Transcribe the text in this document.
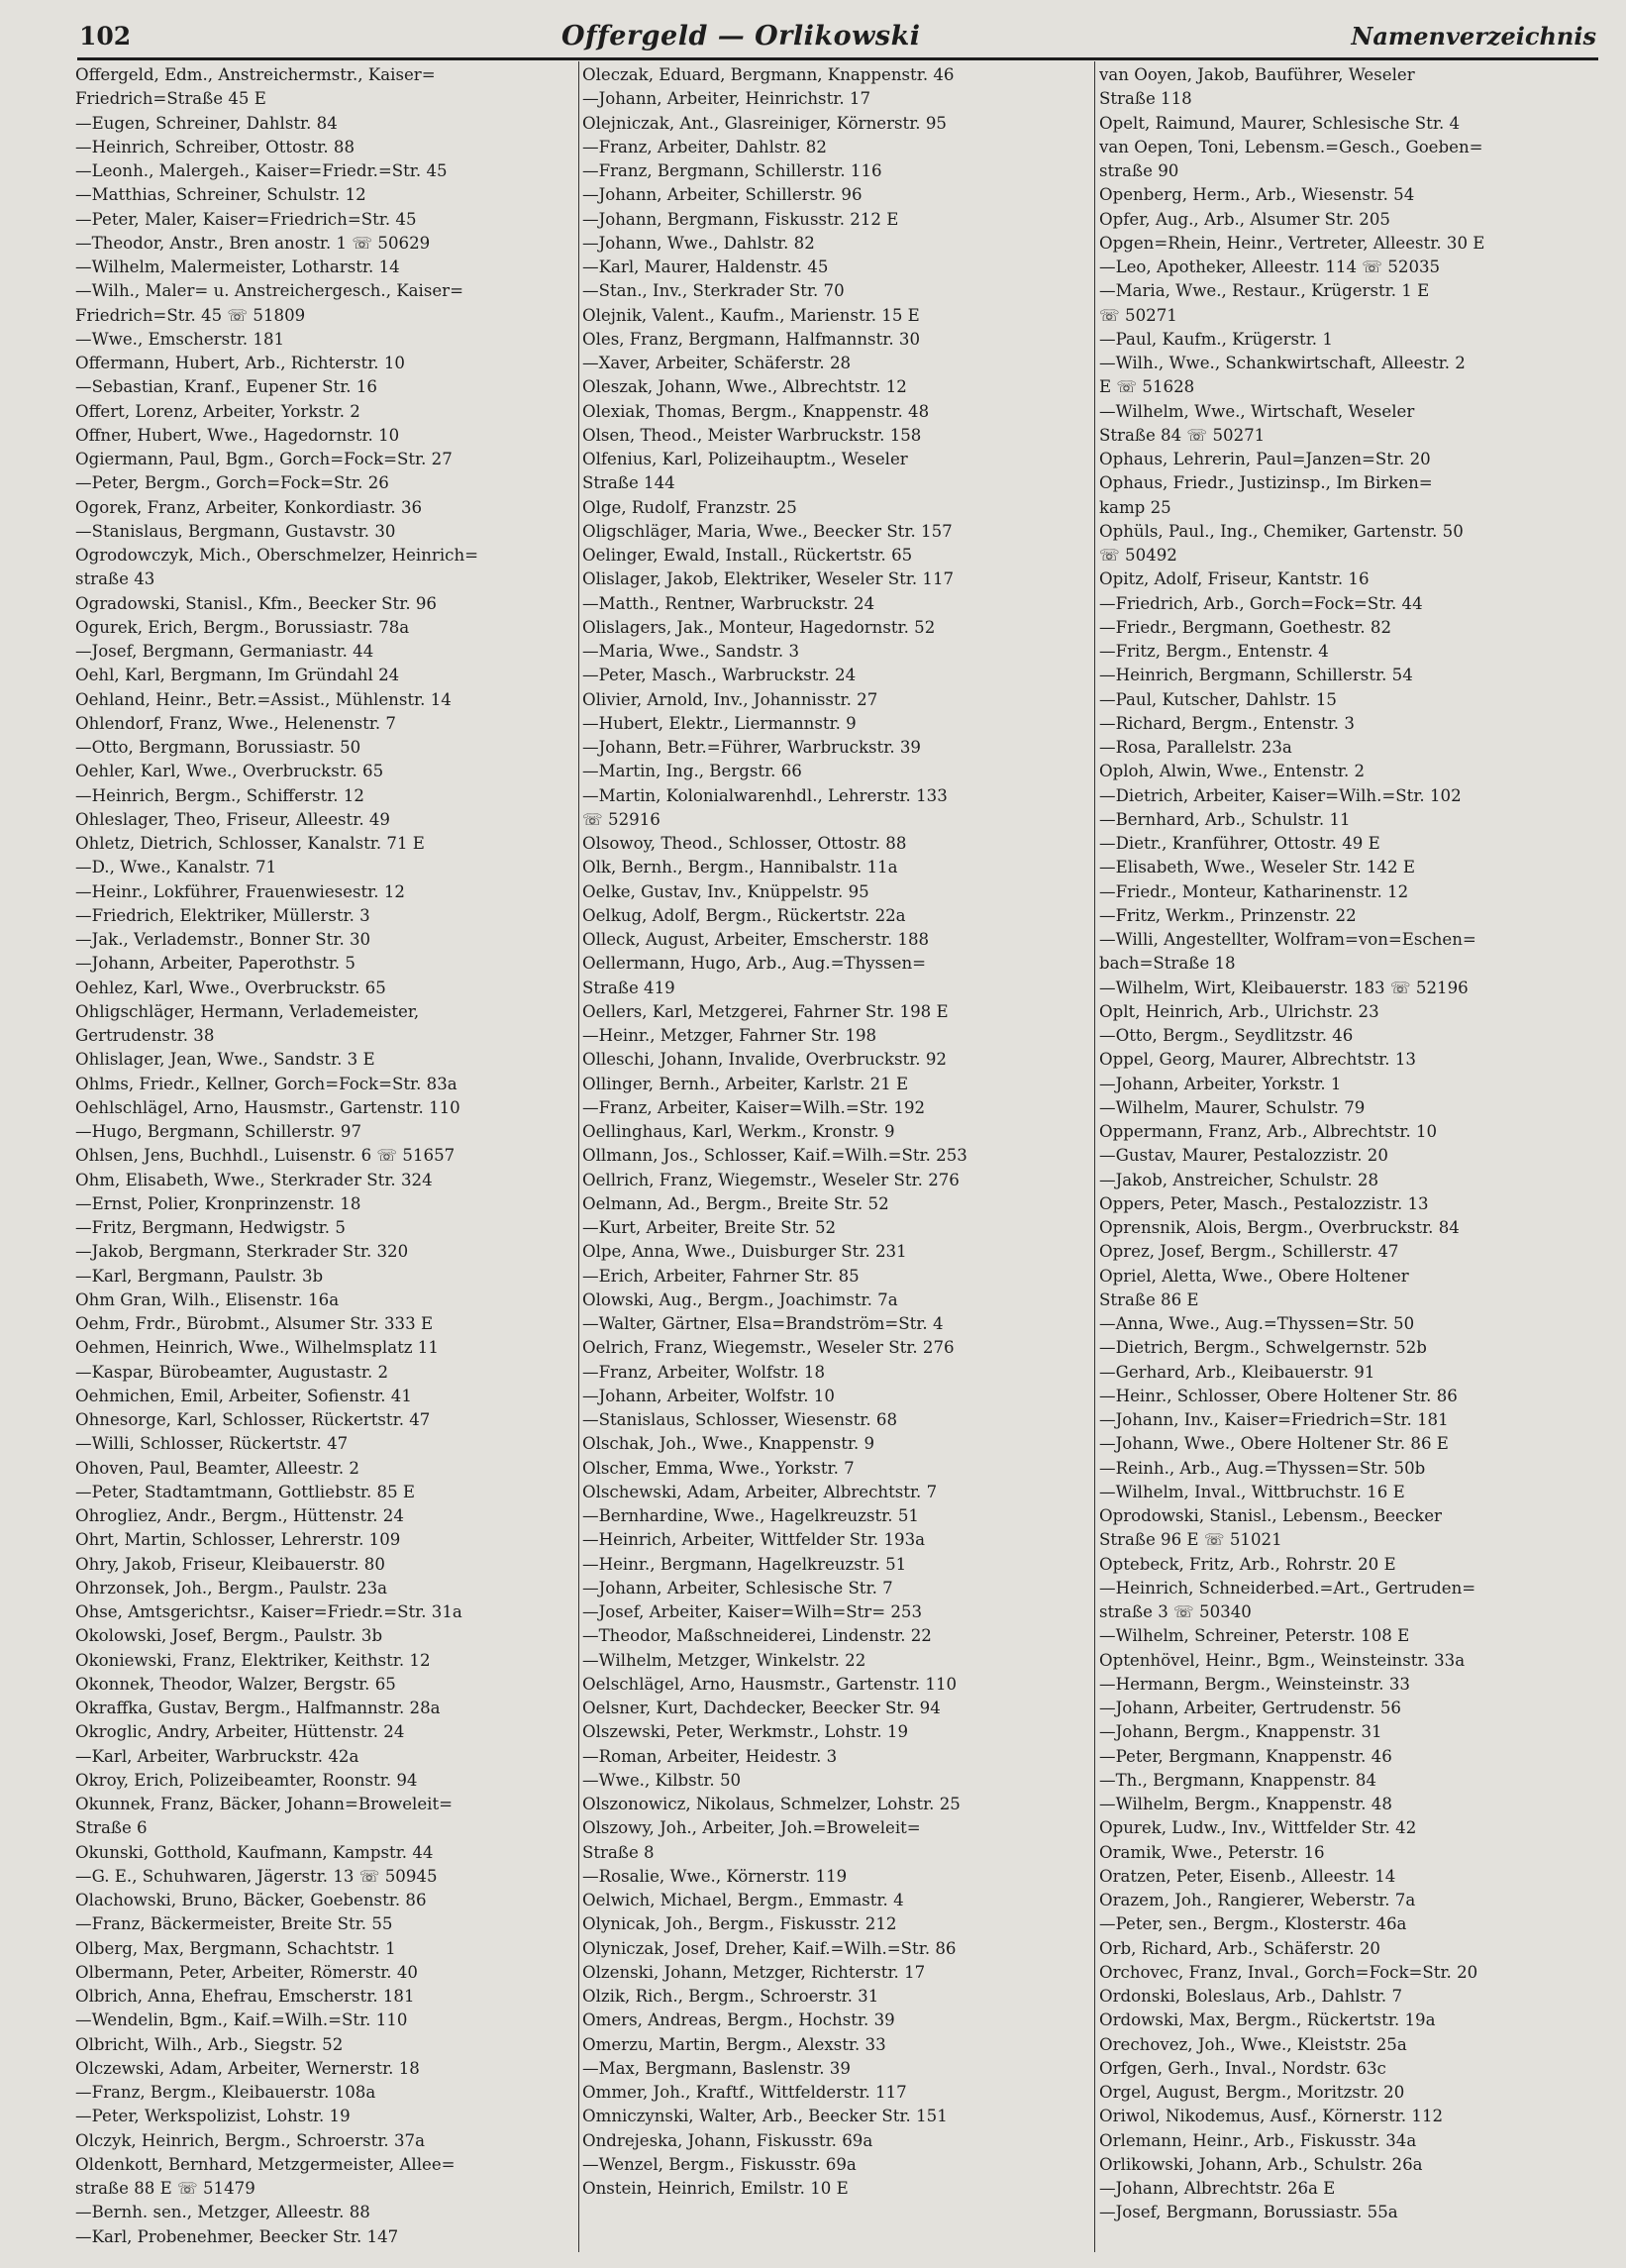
102	Offergeld — Orlikowski	Namenverzeichnis
Offergeld, Edm., Anstreichermstr., Kaiser=
Friedrich=Straße 45 E
—Eugen, Schreiner, Dahlstr. 84
—Heinrich, Schreiber, Ottostr. 88
—Leonh., Malergeh., Kaiser=Friedr.=Str. 45
—Matthias, Schreiner, Schulstr. 12
—Peter, Maler, Kaiser=Friedrich=Str. 45
—Theodor, Anstr., Bren anostr. 1 ☏ 50629
—Wilhelm, Malermeister, Lotharstr. 14
—Wilh., Maler= u. Anstreichergesch., Kaiser=
Friedrich=Str. 45 ☏ 51809
—Wwe., Emscherstr. 181
Offermann, Hubert, Arb., Richterstr. 10
—Sebastian, Kranf., Eupener Str. 16
Offert, Lorenz, Arbeiter, Yorkstr. 2
Offner, Hubert, Wwe., Hagedornstr. 10
Ogiermann, Paul, Bgm., Gorch=Fock=Str. 27
—Peter, Bergm., Gorch=Fock=Str. 26
Ogorek, Franz, Arbeiter, Konkordiastr. 36
—Stanislaus, Bergmann, Gustavstr. 30
Ogrodowczyk, Mich., Oberschmelzer, Heinrich=
straße 43
Ogradowski, Stanisl., Kfm., Beecker Str. 96
Ogurek, Erich, Bergm., Borussiastr. 78a
—Josef, Bergmann, Germaniastr. 44
Oehl, Karl, Bergmann, Im Gründahl 24
Oehland, Heinr., Betr.=Assist., Mühlenstr. 14
Ohlendorf, Franz, Wwe., Helenenstr. 7
—Otto, Bergmann, Borussiastr. 50
Oehler, Karl, Wwe., Overbruckstr. 65
—Heinrich, Bergm., Schifferstr. 12
Ohleslager, Theo, Friseur, Alleestr. 49
Ohletz, Dietrich, Schlosser, Kanalstr. 71 E
—D., Wwe., Kanalstr. 71
—Heinr., Lokführer, Frauenwiesestr. 12
—Friedrich, Elektriker, Müllerstr. 3
—Jak., Verlademstr., Bonner Str. 30
—Johann, Arbeiter, Paperothstr. 5
Oehlez, Karl, Wwe., Overbruckstr. 65
Ohligschläger, Hermann, Verlademeister,
Gertrudenstr. 38
Ohlislager, Jean, Wwe., Sandstr. 3 E
Ohlms, Friedr., Kellner, Gorch=Fock=Str. 83a
Oehlschlägel, Arno, Hausmstr., Gartenstr. 110
—Hugo, Bergmann, Schillerstr. 97
Ohlsen, Jens, Buchhdl., Luisenstr. 6 ☏ 51657
Ohm, Elisabeth, Wwe., Sterkrader Str. 324
—Ernst, Polier, Kronprinzenstr. 18
—Fritz, Bergmann, Hedwigstr. 5
—Jakob, Bergmann, Sterkrader Str. 320
—Karl, Bergmann, Paulstr. 3b
Ohm Gran, Wilh., Elisenstr. 16a
Oehm, Frdr., Bürobmt., Alsumer Str. 333 E
Oehmen, Heinrich, Wwe., Wilhelmsplatz 11
—Kaspar, Bürobeamter, Augustastr. 2
Oehmichen, Emil, Arbeiter, Sofienstr. 41
Ohnesorge, Karl, Schlosser, Rückertstr. 47
—Willi, Schlosser, Rückertstr. 47
Ohoven, Paul, Beamter, Alleestr. 2
—Peter, Stadtamtmann, Gottliebstr. 85 E
Ohrogliez, Andr., Bergm., Hüttenstr. 24
Ohrt, Martin, Schlosser, Lehrerstr. 109
Ohry, Jakob, Friseur, Kleibauerstr. 80
Ohrzonsek, Joh., Bergm., Paulstr. 23a
Ohse, Amtsgerichtsr., Kaiser=Friedr.=Str. 31a
Okolowski, Josef, Bergm., Paulstr. 3b
Okoniewski, Franz, Elektriker, Keithstr. 12
Okonnek, Theodor, Walzer, Bergstr. 65
Okraffka, Gustav, Bergm., Halfmannstr. 28a
Okroglic, Andry, Arbeiter, Hüttenstr. 24
—Karl, Arbeiter, Warbruckstr. 42a
Okroy, Erich, Polizeibeamter, Roonstr. 94
Okunnek, Franz, Bäcker, Johann=Broweleit=
Straße 6
Okunski, Gotthold, Kaufmann, Kampstr. 44
—G. E., Schuhwaren, Jägerstr. 13 ☏ 50945
Olachowski, Bruno, Bäcker, Goebenstr. 86
—Franz, Bäckermeister, Breite Str. 55
Olberg, Max, Bergmann, Schachtstr. 1
Olbermann, Peter, Arbeiter, Römerstr. 40
Olbrich, Anna, Ehefrau, Emscherstr. 181
—Wendelin, Bgm., Kaif.=Wilh.=Str. 110
Olbricht, Wilh., Arb., Siegstr. 52
Olczewski, Adam, Arbeiter, Wernerstr. 18
—Franz, Bergm., Kleibauerstr. 108a
—Peter, Werkspolizist, Lohstr. 19
Olczyk, Heinrich, Bergm., Schroerstr. 37a
Oldenkott, Bernhard, Metzgermeister, Allee=
straße 88 E ☏ 51479
—Bernh. sen., Metzger, Alleestr. 88
—Karl, Probenehmer, Beecker Str. 147
Oleczak, Eduard, Bergmann, Knappenstr. 46
—Johann, Arbeiter, Heinrichstr. 17
Olejniczak, Ant., Glasreiniger, Körnerstr. 95
—Franz, Arbeiter, Dahlstr. 82
—Franz, Bergmann, Schillerstr. 116
—Johann, Arbeiter, Schillerstr. 96
—Johann, Bergmann, Fiskusstr. 212 E
—Johann, Wwe., Dahlstr. 82
—Karl, Maurer, Haldenstr. 45
—Stan., Inv., Sterkrader Str. 70
Olejnik, Valent., Kaufm., Marienstr. 15 E
Oles, Franz, Bergmann, Halfmannstr. 30
—Xaver, Arbeiter, Schäferstr. 28
Oleszak, Johann, Wwe., Albrechtstr. 12
Olexiak, Thomas, Bergm., Knappenstr. 48
Olsen, Theod., Meister Warbruckstr. 158
Olfenius, Karl, Polizeihauptm., Weseler
Straße 144
Olge, Rudolf, Franzstr. 25
Oligschläger, Maria, Wwe., Beecker Str. 157
Oelinger, Ewald, Install., Rückertstr. 65
Olislager, Jakob, Elektriker, Weseler Str. 117
—Matth., Rentner, Warbruckstr. 24
Olislagers, Jak., Monteur, Hagedornstr. 52
—Maria, Wwe., Sandstr. 3
—Peter, Masch., Warbruckstr. 24
Olivier, Arnold, Inv., Johannisstr. 27
—Hubert, Elektr., Liermannstr. 9
—Johann, Betr.=Führer, Warbruckstr. 39
—Martin, Ing., Bergstr. 66
—Martin, Kolonialwarenhdl., Lehrerstr. 133
☏ 52916
Olsowoy, Theod., Schlosser, Ottostr. 88
Olk, Bernh., Bergm., Hannibalstr. 11a
Oelke, Gustav, Inv., Knüppelstr. 95
Oelkug, Adolf, Bergm., Rückertstr. 22a
Olleck, August, Arbeiter, Emscherstr. 188
Oellermann, Hugo, Arb., Aug.=Thyssen=
Straße 419
Oellers, Karl, Metzgerei, Fahrner Str. 198 E
—Heinr., Metzger, Fahrner Str. 198
Olleschi, Johann, Invalide, Overbruckstr. 92
Ollinger, Bernh., Arbeiter, Karlstr. 21 E
—Franz, Arbeiter, Kaiser=Wilh.=Str. 192
Oellinghaus, Karl, Werkm., Kronstr. 9
Ollmann, Jos., Schlosser, Kaif.=Wilh.=Str. 253
Oellrich, Franz, Wiegemstr., Weseler Str. 276
Oelmann, Ad., Bergm., Breite Str. 52
—Kurt, Arbeiter, Breite Str. 52
Olpe, Anna, Wwe., Duisburger Str. 231
—Erich, Arbeiter, Fahrner Str. 85
Olowski, Aug., Bergm., Joachimstr. 7a
—Walter, Gärtner, Elsa=Brandström=Str. 4
Oelrich, Franz, Wiegemstr., Weseler Str. 276
—Franz, Arbeiter, Wolfstr. 18
—Johann, Arbeiter, Wolfstr. 10
—Stanislaus, Schlosser, Wiesenstr. 68
Olschak, Joh., Wwe., Knappenstr. 9
Olscher, Emma, Wwe., Yorkstr. 7
Olschewski, Adam, Arbeiter, Albrechtstr. 7
—Bernhardine, Wwe., Hagelkreuzstr. 51
—Heinrich, Arbeiter, Wittfelder Str. 193a
—Heinr., Bergmann, Hagelkreuzstr. 51
—Johann, Arbeiter, Schlesische Str. 7
—Josef, Arbeiter, Kaiser=Wilh=Str= 253
—Theodor, Maßschneiderei, Lindenstr. 22
—Wilhelm, Metzger, Winkelstr. 22
Oelschlägel, Arno, Hausmstr., Gartenstr. 110
Oelsner, Kurt, Dachdecker, Beecker Str. 94
Olszewski, Peter, Werkmstr., Lohstr. 19
—Roman, Arbeiter, Heidestr. 3
—Wwe., Kilbstr. 50
Olszonowicz, Nikolaus, Schmelzer, Lohstr. 25
Olszowy, Joh., Arbeiter, Joh.=Broweleit=
Straße 8
—Rosalie, Wwe., Körnerstr. 119
Oelwich, Michael, Bergm., Emmastr. 4
Olynicak, Joh., Bergm., Fiskusstr. 212
Olyniczak, Josef, Dreher, Kaif.=Wilh.=Str. 86
Olzenski, Johann, Metzger, Richterstr. 17
Olzik, Rich., Bergm., Schroerstr. 31
Omers, Andreas, Bergm., Hochstr. 39
Omerzu, Martin, Bergm., Alexstr. 33
—Max, Bergmann, Baslenstr. 39
Ommer, Joh., Kraftf., Wittfelderstr. 117
Omniczynski, Walter, Arb., Beecker Str. 151
Ondrejeska, Johann, Fiskusstr. 69a
—Wenzel, Bergm., Fiskusstr. 69a
Onstein, Heinrich, Emilstr. 10 E
van Ooyen, Jakob, Bauführer, Weseler
Straße 118
Opelt, Raimund, Maurer, Schlesische Str. 4
van Oepen, Toni, Lebensm.=Gesch., Goeben=
straße 90
Openberg, Herm., Arb., Wiesenstr. 54
Opfer, Aug., Arb., Alsumer Str. 205
Opgen=Rhein, Heinr., Vertreter, Alleestr. 30 E
—Leo, Apotheker, Alleestr. 114 ☏ 52035
—Maria, Wwe., Restaur., Krügerstr. 1 E
☏ 50271
—Paul, Kaufm., Krügerstr. 1
—Wilh., Wwe., Schankwirtschaft, Alleestr. 2
E ☏ 51628
—Wilhelm, Wwe., Wirtschaft, Weseler
Straße 84 ☏ 50271
Ophaus, Lehrerin, Paul=Janzen=Str. 20
Ophaus, Friedr., Justizinsp., Im Birken=
kamp 25
Ophüls, Paul., Ing., Chemiker, Gartenstr. 50
☏ 50492
Opitz, Adolf, Friseur, Kantstr. 16
—Friedrich, Arb., Gorch=Fock=Str. 44
—Friedr., Bergmann, Goethestr. 82
—Fritz, Bergm., Entenstr. 4
—Heinrich, Bergmann, Schillerstr. 54
—Paul, Kutscher, Dahlstr. 15
—Richard, Bergm., Entenstr. 3
—Rosa, Parallelstr. 23a
Oploh, Alwin, Wwe., Entenstr. 2
—Dietrich, Arbeiter, Kaiser=Wilh.=Str. 102
—Bernhard, Arb., Schulstr. 11
—Dietr., Kranführer, Ottostr. 49 E
—Elisabeth, Wwe., Weseler Str. 142 E
—Friedr., Monteur, Katharinenstr. 12
—Fritz, Werkm., Prinzenstr. 22
—Willi, Angestellter, Wolfram=von=Eschen=
bach=Straße 18
—Wilhelm, Wirt, Kleibauerstr. 183 ☏ 52196
Oplt, Heinrich, Arb., Ulrichstr. 23
—Otto, Bergm., Seydlitzstr. 46
Oppel, Georg, Maurer, Albrechtstr. 13
—Johann, Arbeiter, Yorkstr. 1
—Wilhelm, Maurer, Schulstr. 79
Oppermann, Franz, Arb., Albrechtstr. 10
—Gustav, Maurer, Pestalozzistr. 20
—Jakob, Anstreicher, Schulstr. 28
Oppers, Peter, Masch., Pestalozzistr. 13
Oprensnik, Alois, Bergm., Overbruckstr. 84
Oprez, Josef, Bergm., Schillerstr. 47
Opriel, Aletta, Wwe., Obere Holtener
Straße 86 E
—Anna, Wwe., Aug.=Thyssen=Str. 50
—Dietrich, Bergm., Schwelgernstr. 52b
—Gerhard, Arb., Kleibauerstr. 91
—Heinr., Schlosser, Obere Holtener Str. 86
—Johann, Inv., Kaiser=Friedrich=Str. 181
—Johann, Wwe., Obere Holtener Str. 86 E
—Reinh., Arb., Aug.=Thyssen=Str. 50b
—Wilhelm, Inval., Wittbruchstr. 16 E
Oprodowski, Stanisl., Lebensm., Beecker
Straße 96 E ☏ 51021
Optebeck, Fritz, Arb., Rohrstr. 20 E
—Heinrich, Schneiderbed.=Art., Gertruden=
straße 3 ☏ 50340
—Wilhelm, Schreiner, Peterstr. 108 E
Optenhövel, Heinr., Bgm., Weinsteinstr. 33a
—Hermann, Bergm., Weinsteinstr. 33
—Johann, Arbeiter, Gertrudenstr. 56
—Johann, Bergm., Knappenstr. 31
—Peter, Bergmann, Knappenstr. 46
—Th., Bergmann, Knappenstr. 84
—Wilhelm, Bergm., Knappenstr. 48
Opurek, Ludw., Inv., Wittfelder Str. 42
Oramik, Wwe., Peterstr. 16
Oratzen, Peter, Eisenb., Alleestr. 14
Orazem, Joh., Rangierer, Weberstr. 7a
—Peter, sen., Bergm., Klosterstr. 46a
Orb, Richard, Arb., Schäferstr. 20
Orchovec, Franz, Inval., Gorch=Fock=Str. 20
Ordonski, Boleslaus, Arb., Dahlstr. 7
Ordowski, Max, Bergm., Rückertstr. 19a
Orechovez, Joh., Wwe., Kleiststr. 25a
Orfgen, Gerh., Inval., Nordstr. 63c
Orgel, August, Bergm., Moritzstr. 20
Oriwol, Nikodemus, Ausf., Körnerstr. 112
Orlemann, Heinr., Arb., Fiskusstr. 34a
Orlikowski, Johann, Arb., Schulstr. 26a
—Johann, Albrechtstr. 26a E
—Josef, Bergmann, Borussiastr. 55a
